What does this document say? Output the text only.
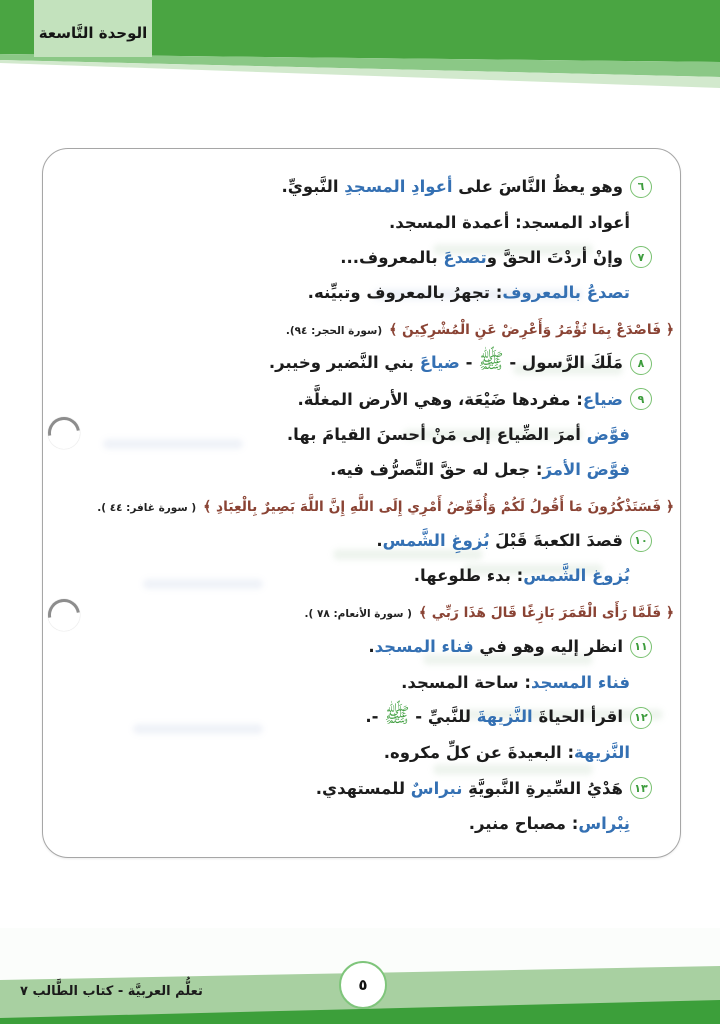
الوحدة التَّاسعة
٦
وهو يعظُ النَّاسَ على أعوادِ المسجدِ النَّبويِّ.
أعواد المسجد: أعمدة المسجد.
٧
وإنْ أردْتَ الحقَّ وتصدعَ بالمعروف...
تصدعُ بالمعروف: تجهرُ بالمعروف وتبيِّنه.
﴿ فَاصْدَعْ بِمَا تُؤْمَرُ وَأَعْرِضْ عَنِ الْمُشْرِكِينَ ﴾(سورة الحجر: ٩٤).
٨
مَلَكَ الرَّسول - ﷺ - ضياعَ بني النَّضير وخيبر.
٩
ضياع: مفردها ضَيْعَة، وهي الأرض المغلَّة.
فوَّض أمرَ الضِّياع إلى مَنْ أحسنَ القيامَ بها.
فوَّضَ الأمرَ: جعل له حقَّ التَّصرُّف فيه.
﴿ فَسَتَذْكُرُونَ مَا أَقُولُ لَكُمْ وَأُفَوِّضُ أَمْرِي إِلَى اللَّهِ إِنَّ اللَّهَ بَصِيرٌ بِالْعِبَادِ ﴾( سورة غافر: ٤٤ ).
١٠
قصدَ الكعبةَ قَبْلَ بُزوغِ الشَّمس.
بُزوغ الشَّمس: بدء طلوعها.
﴿ فَلَمَّا رَأَى الْقَمَرَ بَازِغًا قَالَ هَذَا رَبِّي ﴾( سورة الأنعام: ٧٨ ).
١١
انظر إليه وهو في فناء المسجد.
فناء المسجد: ساحة المسجد.
١٢
اقرأ الحياةَ النَّزيهةَ للنَّبيِّ - ﷺ -.
النَّزيهة: البعيدةَ عن كلِّ مكروه.
١٣
هَدْيُ السِّيرةِ النَّبويَّةِ نبراسٌ للمستهدي.
نِبْراس: مصباح منير.
تعلُّم العربيَّة - كتاب الطَّالب ٧	٥
